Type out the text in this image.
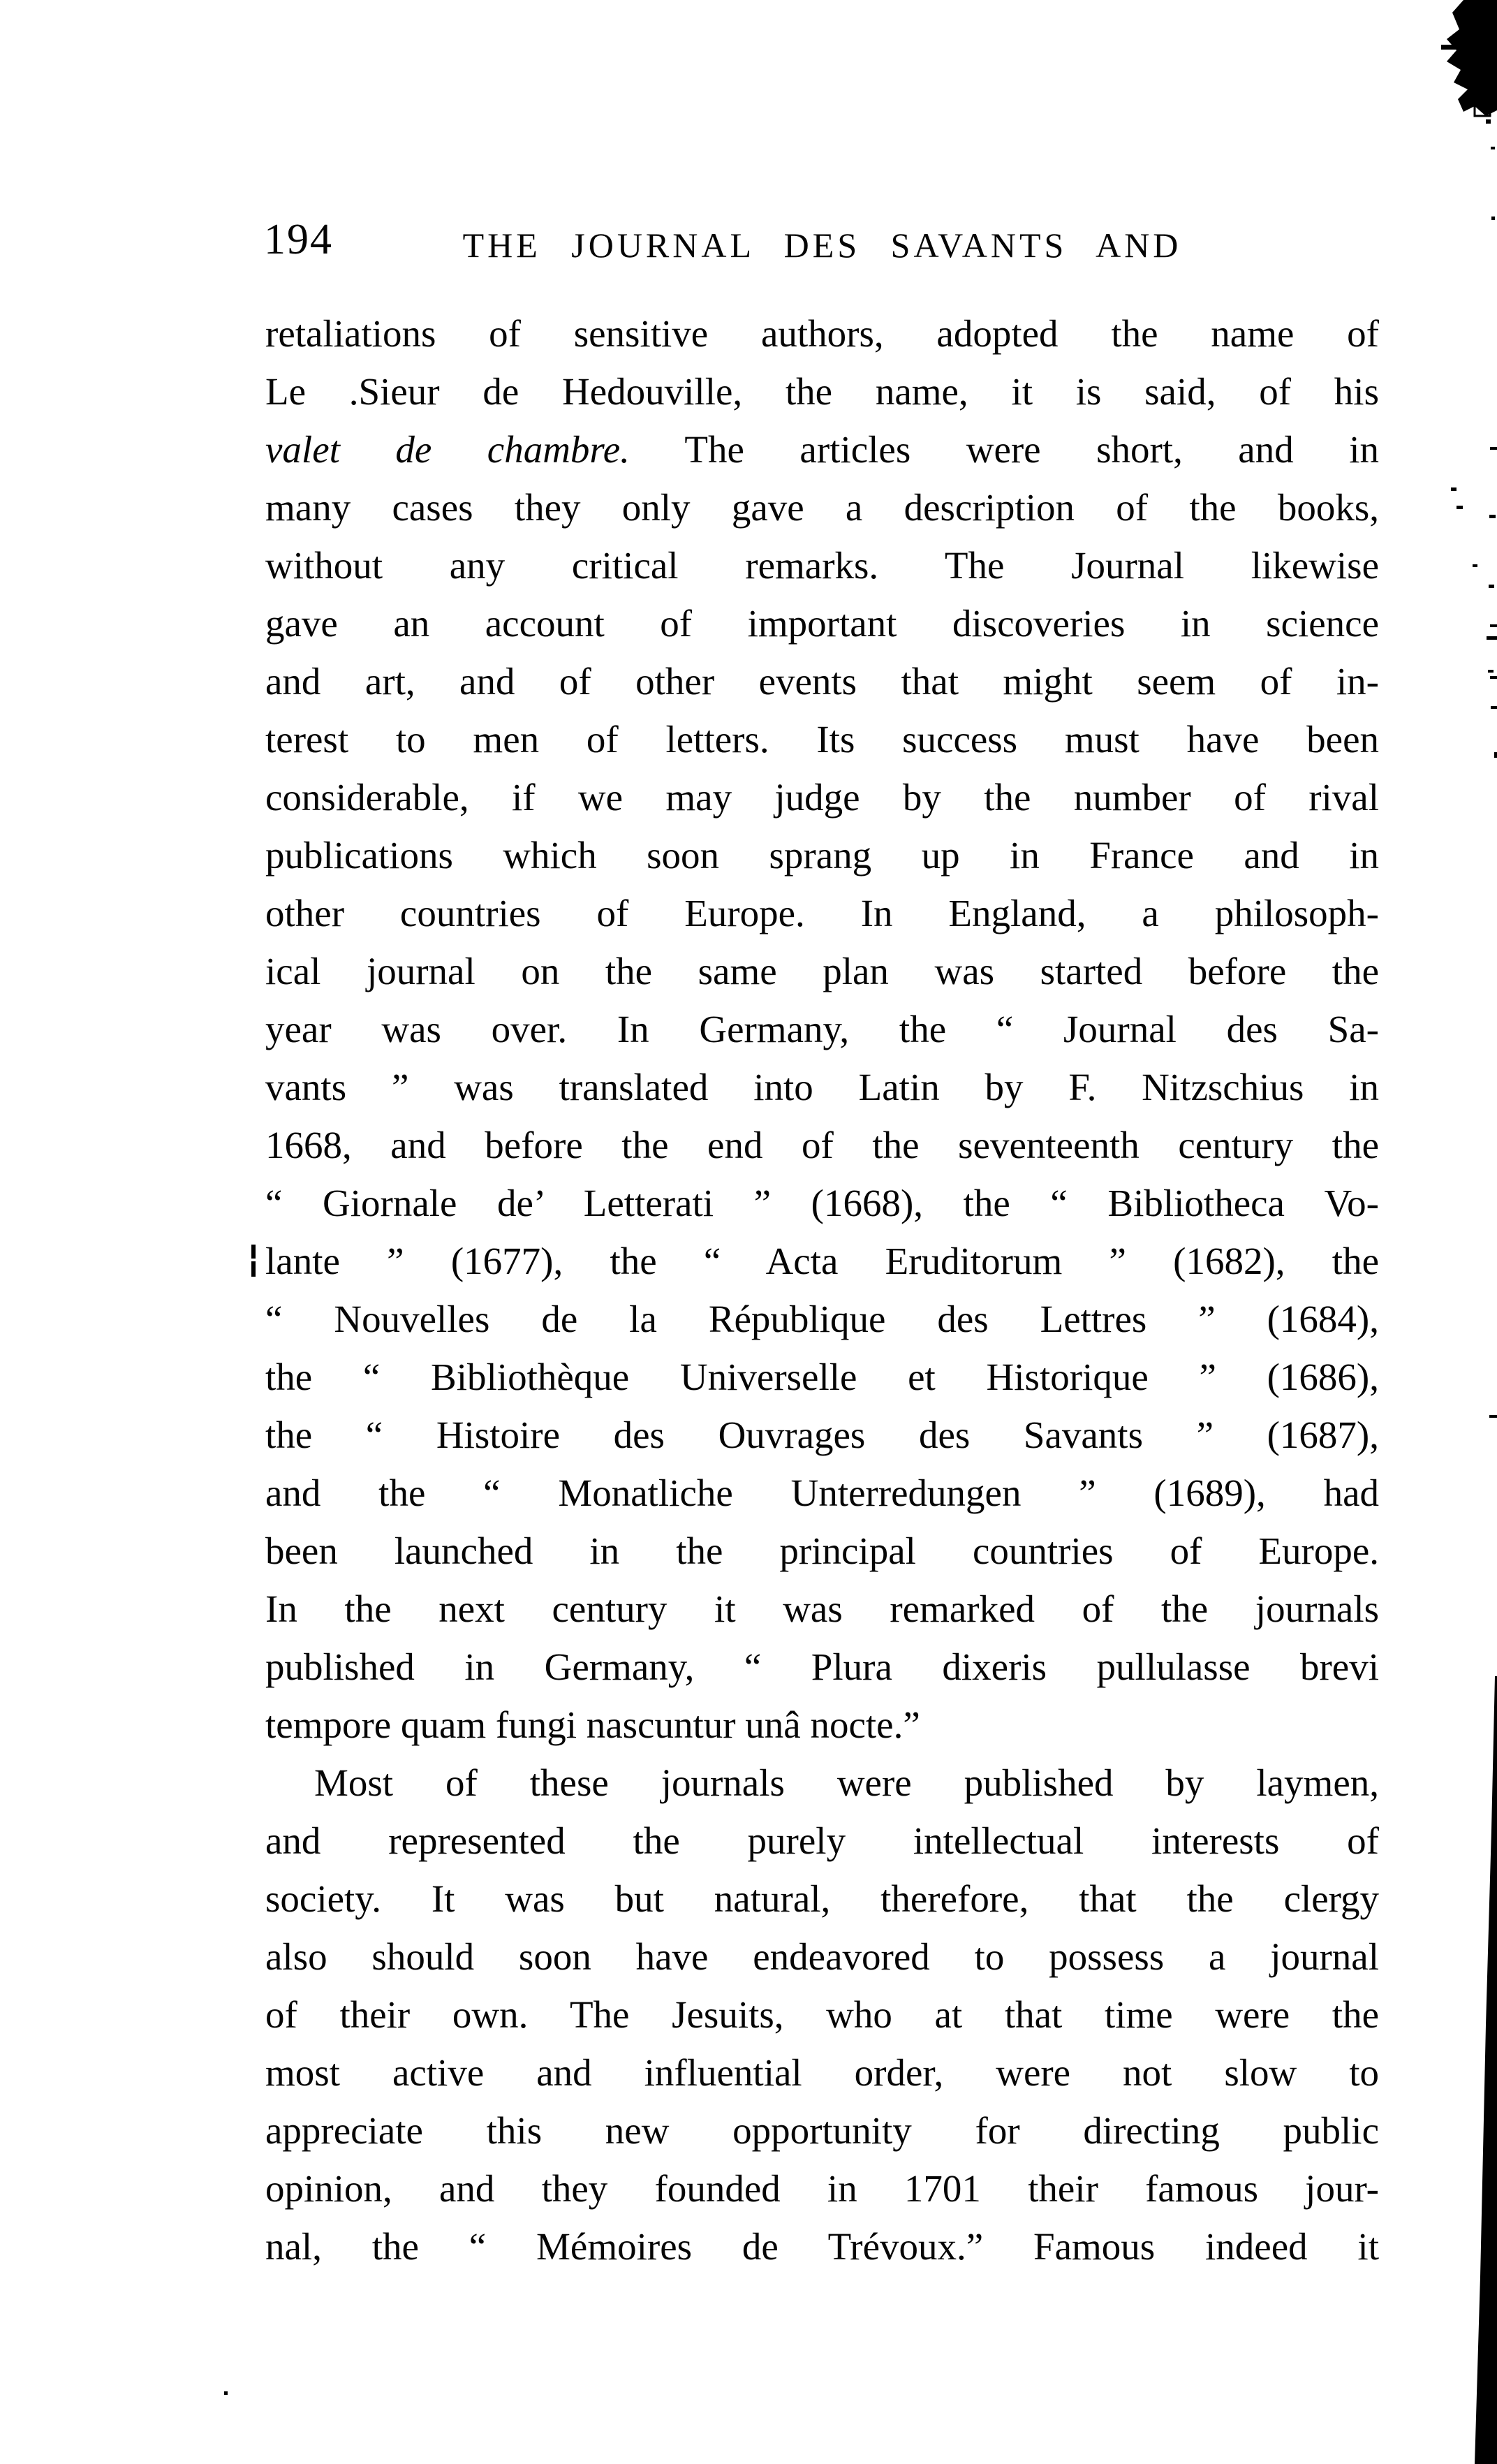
194	THE JOURNAL DES SAVANTS AND
retaliations of sensitive authors, adopted the name of
Le .Sieur de Hedouville, the name, it is said, of his
valet de chambre. The articles were short, and in
many cases they only gave a description of the books,
without any critical remarks. The Journal likewise
gave an account of important discoveries in science
and art, and of other events that might seem of in-
terest to men of letters. Its success must have been
considerable, if we may judge by the number of rival
publications which soon sprang up in France and in
other countries of Europe. In England, a philosoph-
ical journal on the same plan was started before the
year was over. In Germany, the “ Journal des Sa-
vants ” was translated into Latin by F. Nitzschius in
1668, and before the end of the seventeenth century the
“ Giornale de’ Letterati ” (1668), the “ Bibliotheca Vo-
lante ” (1677), the “ Acta Eruditorum ” (1682), the
“ Nouvelles de la République des Lettres ” (1684),
the “ Bibliothèque Universelle et Historique ” (1686),
the “ Histoire des Ouvrages des Savants ” (1687),
and the “ Monatliche Unterredungen ” (1689), had
been launched in the principal countries of Europe.
In the next century it was remarked of the journals
published in Germany, “ Plura dixeris pullulasse brevi
tempore quam fungi nascuntur unâ nocte.”
Most of these journals were published by laymen,
and represented the purely intellectual interests of
society. It was but natural, therefore, that the clergy
also should soon have endeavored to possess a journal
of their own. The Jesuits, who at that time were the
most active and influential order, were not slow to
appreciate this new opportunity for directing public
opinion, and they founded in 1701 their famous jour-
nal, the “ Mémoires de Trévoux.” Famous indeed it
